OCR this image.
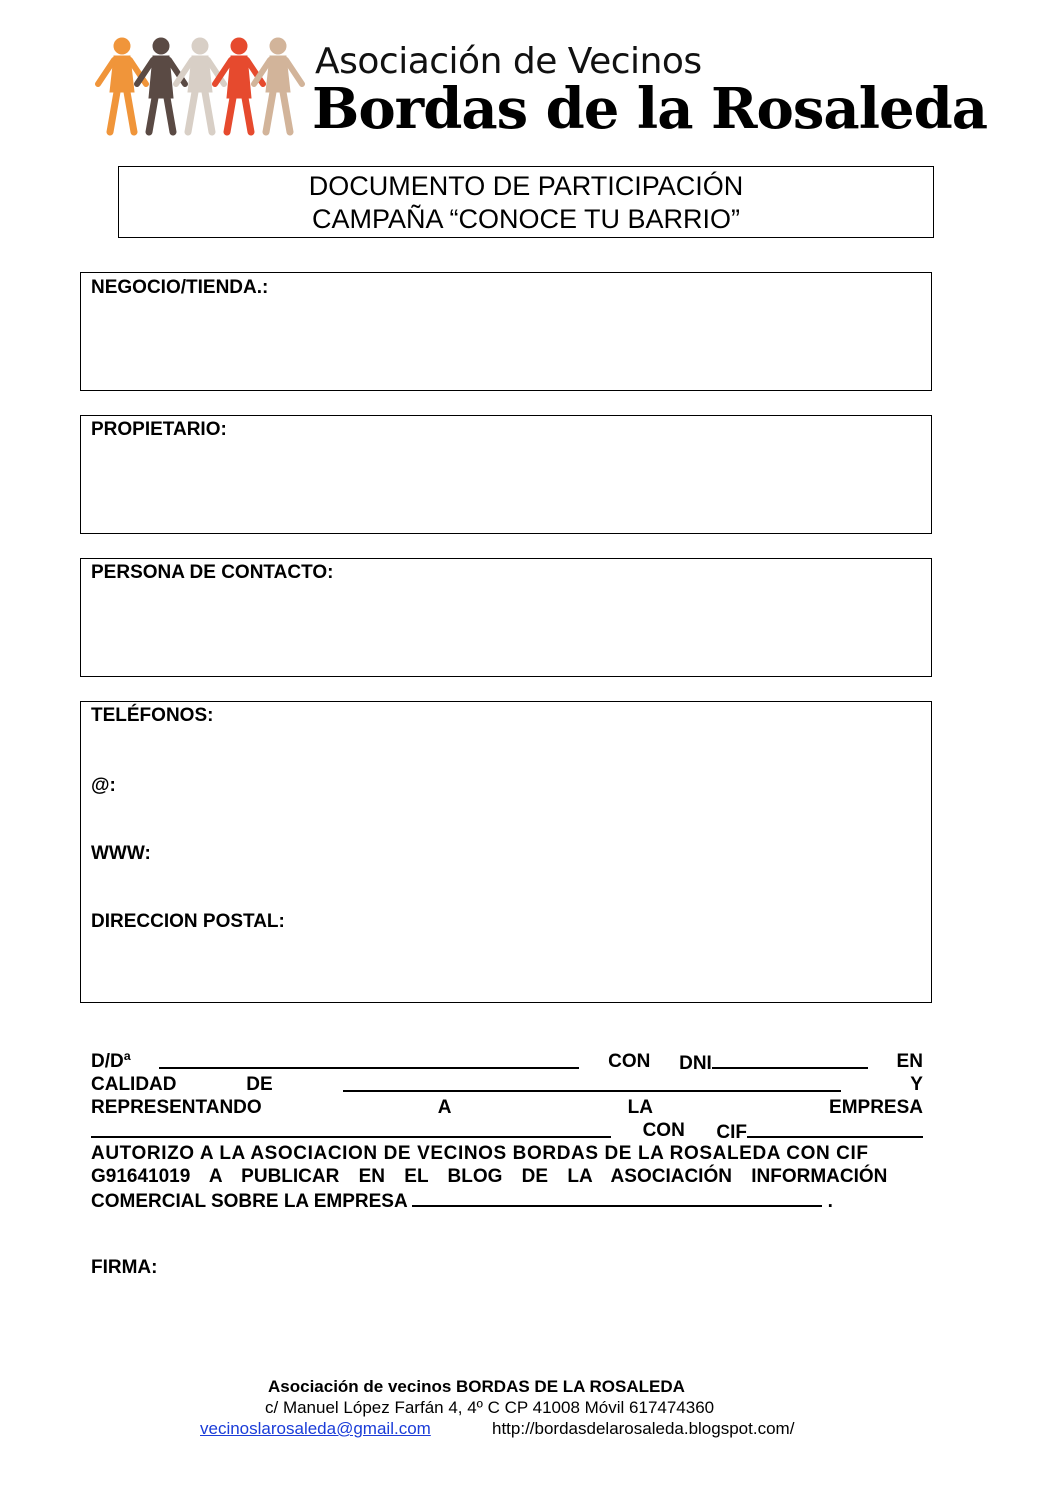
Asociación de Vecinos
Bordas de la Rosaleda
DOCUMENTO DE PARTICIPACIÓN
CAMPAÑA “CONOCE TU BARRIO”
NEGOCIO/TIENDA.:
PROPIETARIO:
PERSONA DE CONTACTO:
TELÉFONOS:
@:
WWW:
DIRECCION POSTAL:
D/Dª	CON DNI	EN
CALIDAD	DE	Y
REPRESENTANDO	A	LA	EMPRESA
CON CIF
AUTORIZO A LA ASOCIACION DE VECINOS BORDAS DE LA ROSALEDA CON CIF
G91641019 A PUBLICAR EN EL BLOG DE LA ASOCIACIÓN INFORMACIÓN
COMERCIAL SOBRE LA EMPRESA	.
FIRMA:
Asociación de vecinos BORDAS DE LA ROSALEDA
c/ Manuel López Farfán 4, 4º C CP 41008 Móvil 617474360
vecinoslarosaleda@gmail.com	http://bordasdelarosaleda.blogspot.com/
